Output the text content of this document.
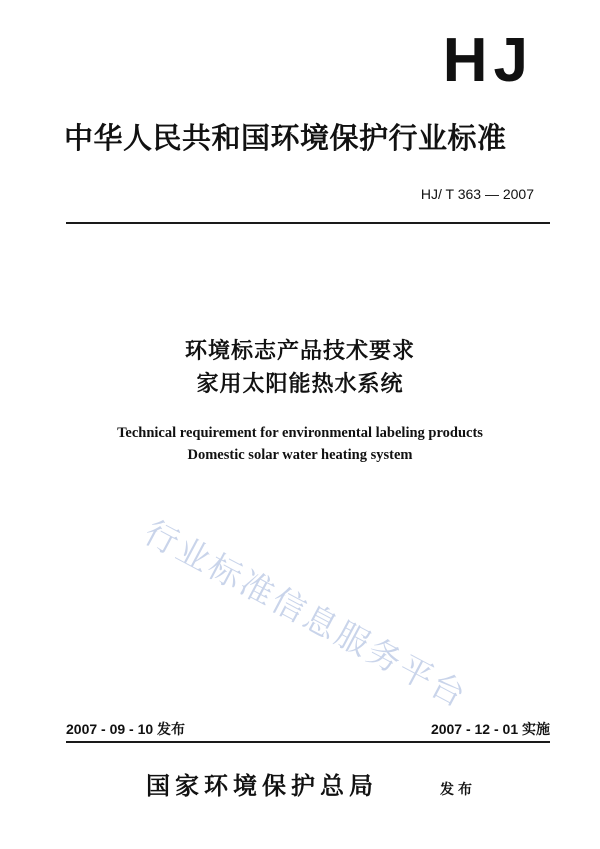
HJ
中华人民共和国环境保护行业标准
HJ/ T 363 — 2007
环境标志产品技术要求
家用太阳能热水系统
Technical requirement for environmental labeling products
Domestic solar water heating system
行业标准信息服务平台
2007 - 09 - 10 发布	2007 - 12 - 01 实施
国家环境保护总局	发布
